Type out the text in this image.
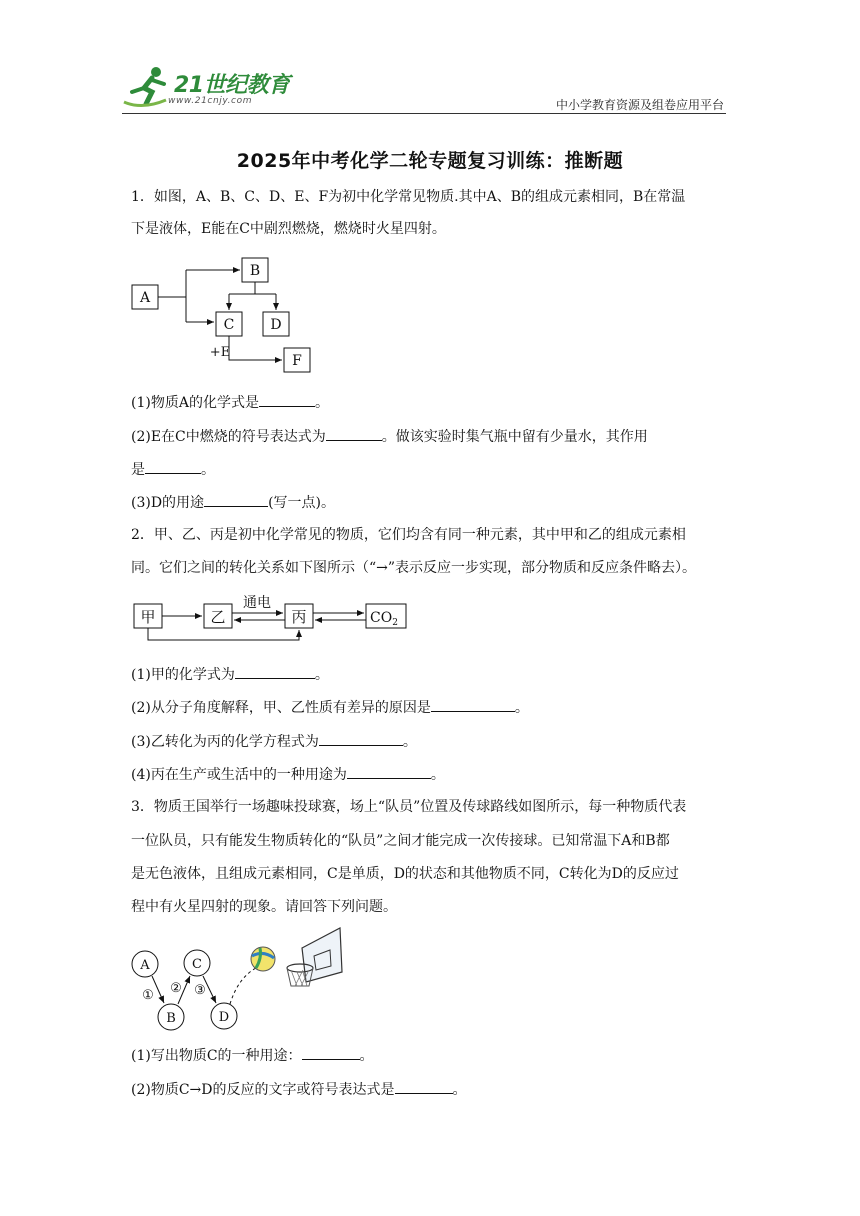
21世纪教育
www.21cnjy.com	中小学教育资源及组卷应用平台
2025年中考化学二轮专题复习训练：推断题
1．如图，A、B、C、D、E、F为初中化学常见物质.其中A、B的组成元素相同，B在常温
下是液体，E能在C中剧烈燃烧，燃烧时火星四射。
A
B
C	D
F
+E
(1)物质A的化学式是	。
(2)E在C中燃烧的符号表达式为	。做该实验时集气瓶中留有少量水，其作用
是	。
(3)D的用途	(写一点)。
2．甲、乙、丙是初中化学常见的物质，它们均含有同一种元素，其中甲和乙的组成元素相
同。它们之间的转化关系如下图所示（“→”表示反应一步实现，部分物质和反应条件略去）。
甲	乙	丙
通电
$CO_2$
(1)甲的化学式为	。
(2)从分子角度解释，甲、乙性质有差异的原因是	。
(3)乙转化为丙的化学方程式为	。
(4)丙在生产或生活中的一种用途为	。
3．物质王国举行一场趣味投球赛，场上“队员”位置及传球路线如图所示，每一种物质代表
一位队员，只有能发生物质转化的“队员”之间才能完成一次传接球。已知常温下A和B都
是无色液体，且组成元素相同，C是单质，D的状态和其他物质不同，C转化为D的反应过
程中有火星四射的现象。请回答下列问题。
A
B
C
D
① ② ③
(1)写出物质C的一种用途：	。
(2)物质C→D的反应的文字或符号表达式是	。
